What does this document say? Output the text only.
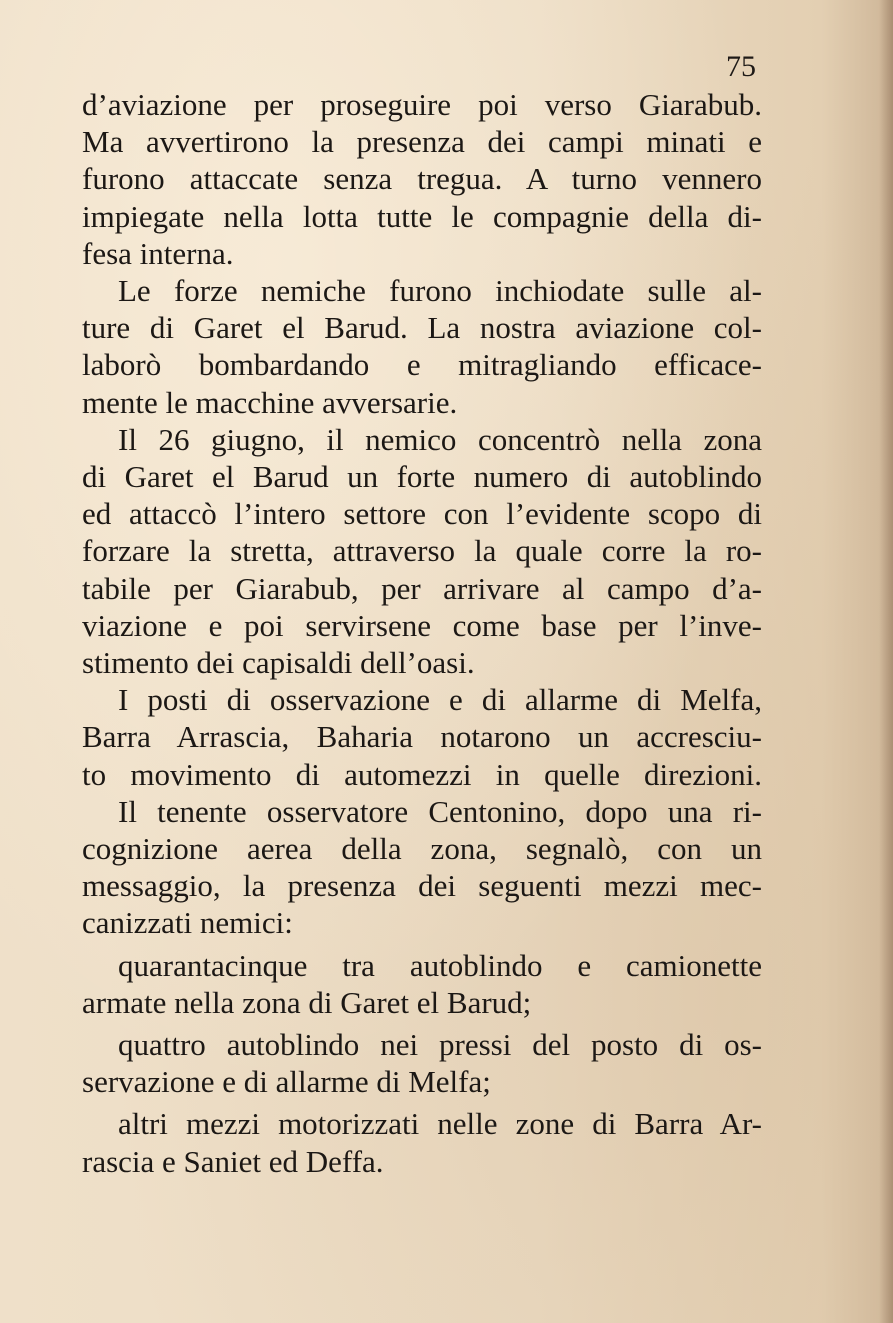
75
d’aviazione per proseguire poi verso Giarabub.
Ma avvertirono la presenza dei campi minati e
furono attaccate senza tregua. A turno vennero
impiegate nella lotta tutte le compagnie della di-
fesa interna.
Le forze nemiche furono inchiodate sulle al-
ture di Garet el Barud. La nostra aviazione col-
laborò bombardando e mitragliando efficace-
mente le macchine avversarie.
Il 26 giugno, il nemico concentrò nella zona
di Garet el Barud un forte numero di autoblindo
ed attaccò l’intero settore con l’evidente scopo di
forzare la stretta, attraverso la quale corre la ro-
tabile per Giarabub, per arrivare al campo d’a-
viazione e poi servirsene come base per l’inve-
stimento dei capisaldi dell’oasi.
I posti di osservazione e di allarme di Melfa,
Barra Arrascia, Baharia notarono un accresciu-
to movimento di automezzi in quelle direzioni.
Il tenente osservatore Centonino, dopo una ri-
cognizione aerea della zona, segnalò, con un
messaggio, la presenza dei seguenti mezzi mec-
canizzati nemici:
quarantacinque tra autoblindo e camionette
armate nella zona di Garet el Barud;
quattro autoblindo nei pressi del posto di os-
servazione e di allarme di Melfa;
altri mezzi motorizzati nelle zone di Barra Ar-
rascia e Saniet ed Deffa.
